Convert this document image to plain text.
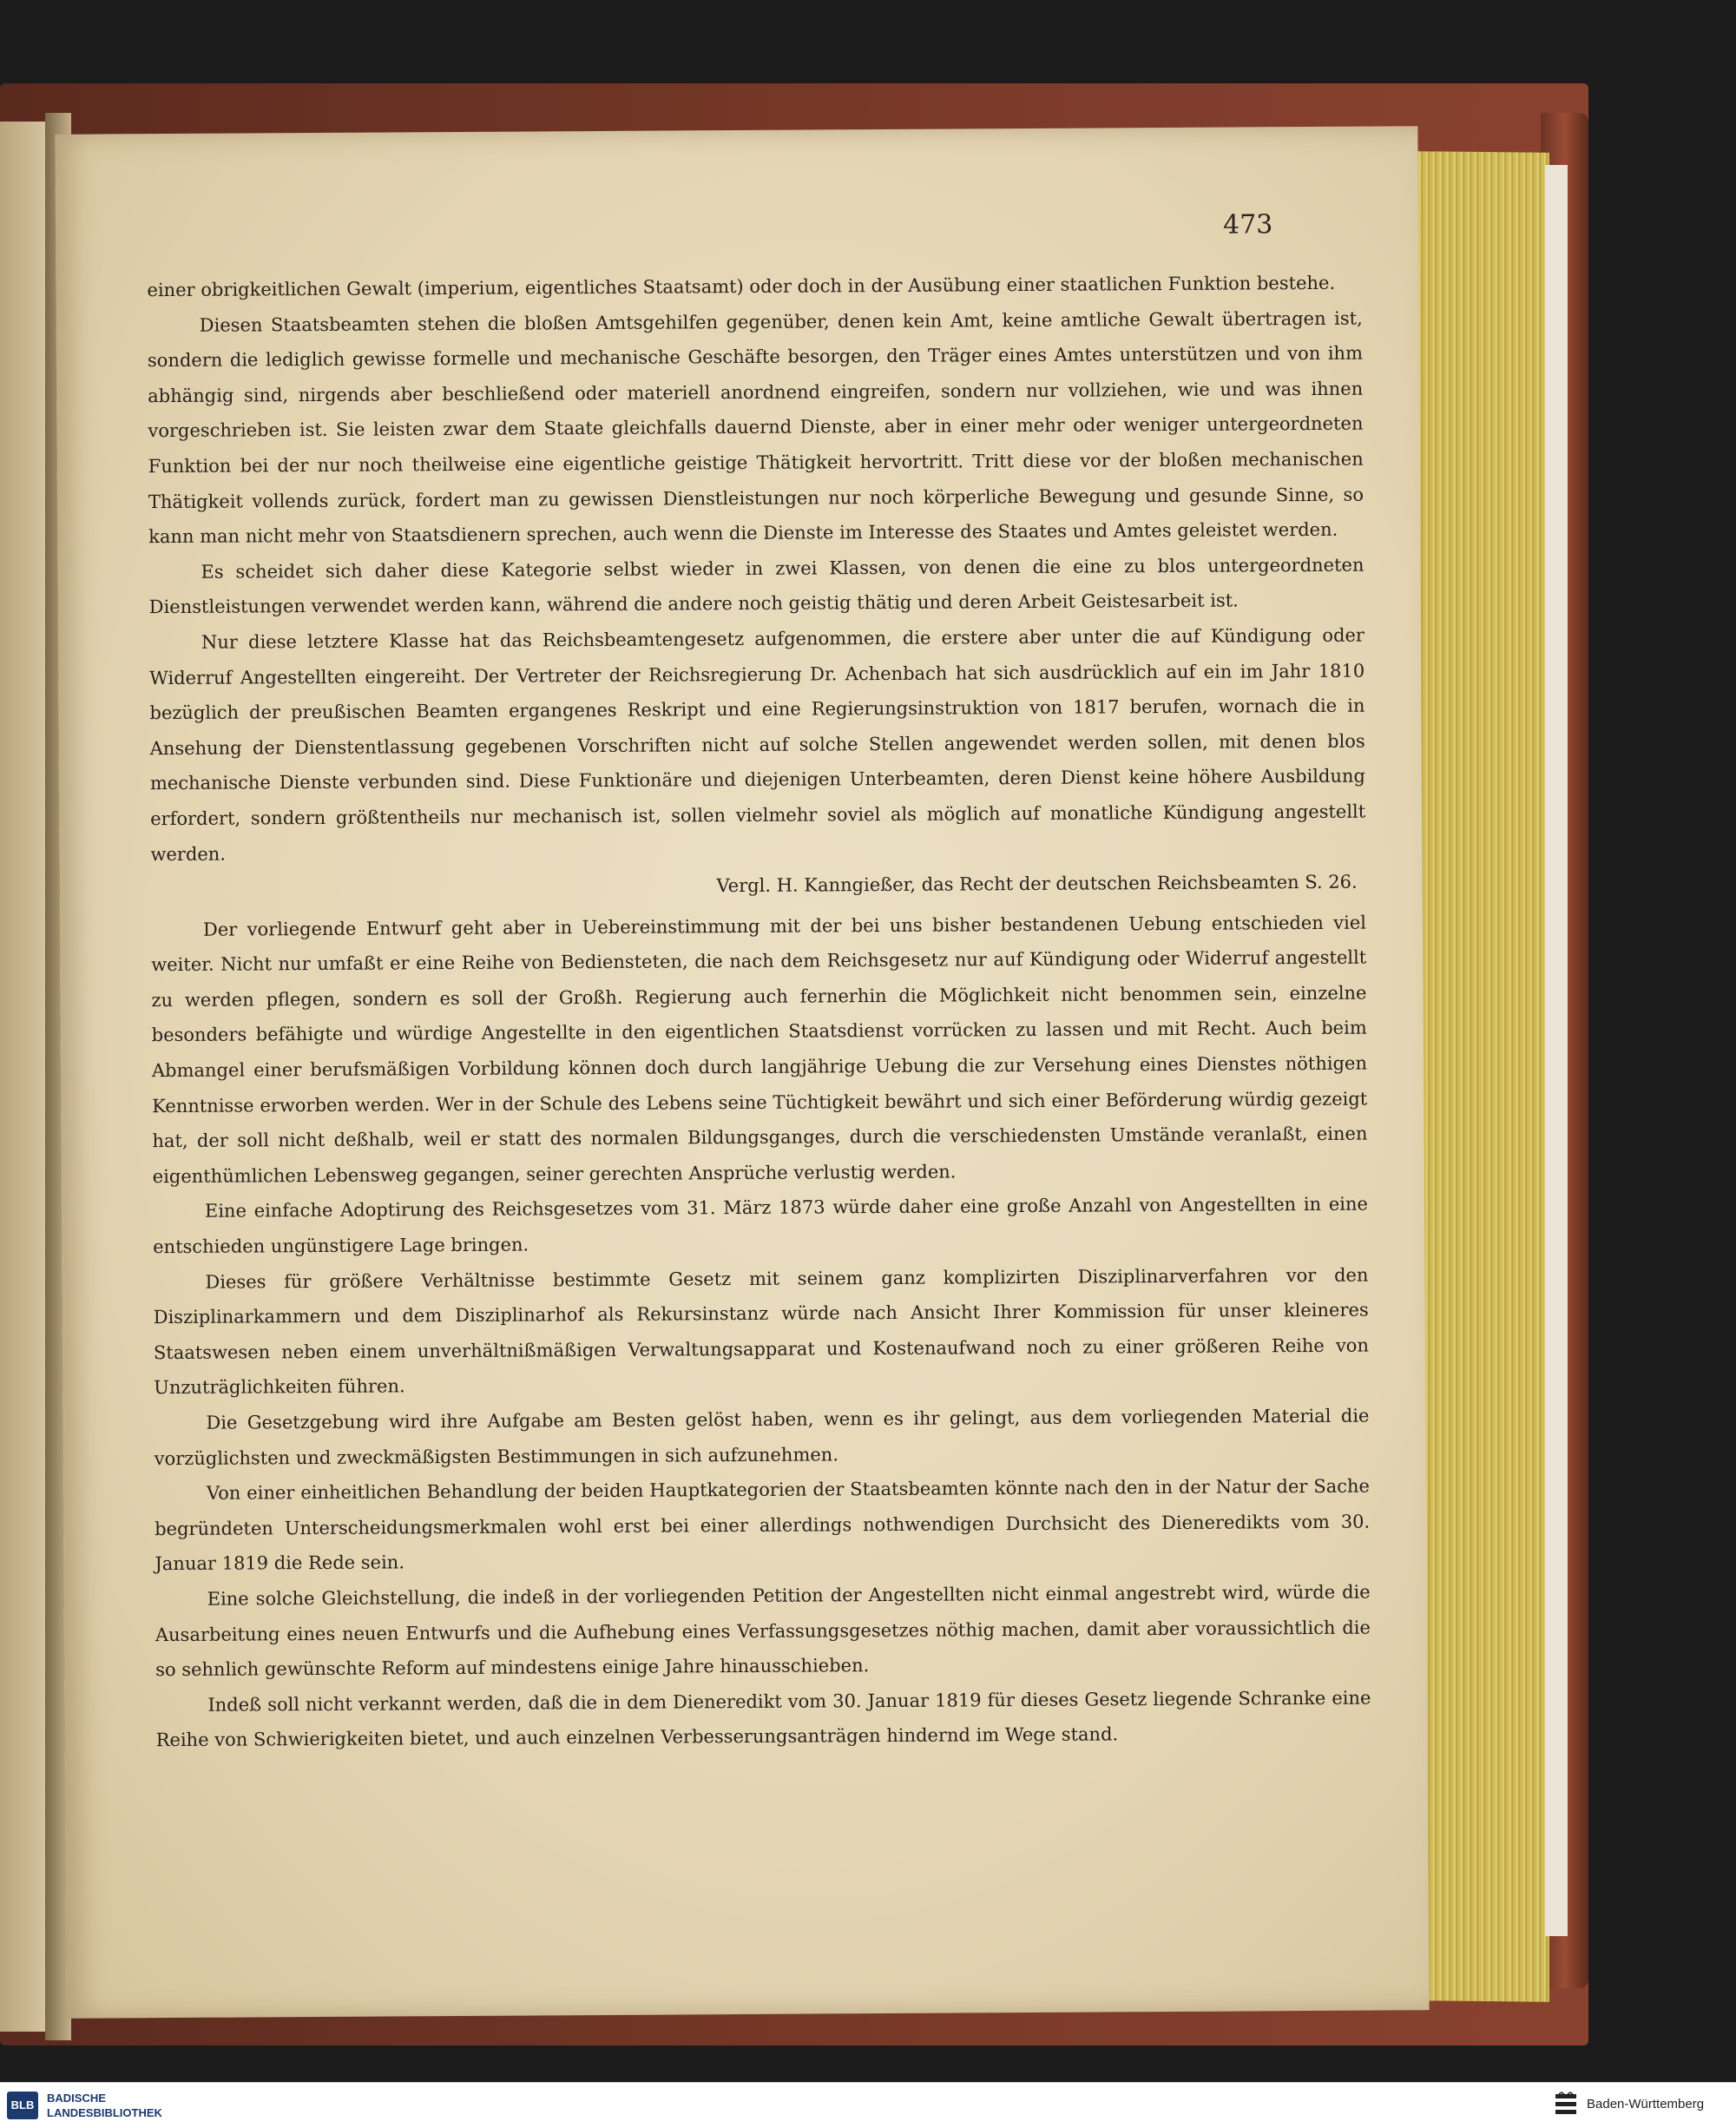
473

einer obrigkeitlichen Gewalt (imperium, eigentliches Staatsamt) oder doch in der Ausübung einer staatlichen Funktion bestehe.

Diesen Staatsbeamten stehen die bloßen Amtsgehilfen gegenüber, denen kein Amt, keine amtliche Gewalt übertragen ist, sondern die lediglich gewisse formelle und mechanische Geschäfte besorgen, den Träger eines Amtes unterstützen und von ihm abhängig sind, nirgends aber beschließend oder materiell anordnend eingreifen, sondern nur vollziehen, wie und was ihnen vorgeschrieben ist. Sie leisten zwar dem Staate gleichfalls dauernd Dienste, aber in einer mehr oder weniger untergeordneten Funktion bei der nur noch theilweise eine eigentliche geistige Thätigkeit hervortritt. Tritt diese vor der bloßen mechanischen Thätigkeit vollends zurück, fordert man zu gewissen Dienstleistungen nur noch körperliche Bewegung und gesunde Sinne, so kann man nicht mehr von Staatsdienern sprechen, auch wenn die Dienste im Interesse des Staates und Amtes geleistet werden.

Es scheidet sich daher diese Kategorie selbst wieder in zwei Klassen, von denen die eine zu blos untergeordneten Dienstleistungen verwendet werden kann, während die andere noch geistig thätig und deren Arbeit Geistesarbeit ist.

Nur diese letztere Klasse hat das Reichsbeamtengesetz aufgenommen, die erstere aber unter die auf Kündigung oder Widerruf Angestellten eingereiht. Der Vertreter der Reichsregierung Dr. Achenbach hat sich ausdrücklich auf ein im Jahr 1810 bezüglich der preußischen Beamten ergangenes Reskript und eine Regierungsinstruktion von 1817 berufen, wornach die in Ansehung der Dienstentlassung gegebenen Vorschriften nicht auf solche Stellen angewendet werden sollen, mit denen blos mechanische Dienste verbunden sind. Diese Funktionäre und diejenigen Unterbeamten, deren Dienst keine höhere Ausbildung erfordert, sondern größtentheils nur mechanisch ist, sollen vielmehr soviel als möglich auf monatliche Kündigung angestellt werden.

Vergl. H. Kanngießer, das Recht der deutschen Reichsbeamten S. 26.

Der vorliegende Entwurf geht aber in Uebereinstimmung mit der bei uns bisher bestandenen Uebung entschieden viel weiter. Nicht nur umfaßt er eine Reihe von Bediensteten, die nach dem Reichsgesetz nur auf Kündigung oder Widerruf angestellt zu werden pflegen, sondern es soll der Großh. Regierung auch fernerhin die Möglichkeit nicht benommen sein, einzelne besonders befähigte und würdige Angestellte in den eigentlichen Staatsdienst vorrücken zu lassen und mit Recht. Auch beim Abmangel einer berufsmäßigen Vorbildung können doch durch langjährige Uebung die zur Versehung eines Dienstes nöthigen Kenntnisse erworben werden. Wer in der Schule des Lebens seine Tüchtigkeit bewährt und sich einer Beförderung würdig gezeigt hat, der soll nicht deßhalb, weil er statt des normalen Bildungsganges, durch die verschiedensten Umstände veranlaßt, einen eigenthümlichen Lebensweg gegangen, seiner gerechten Ansprüche verlustig werden.

Eine einfache Adoptirung des Reichsgesetzes vom 31. März 1873 würde daher eine große Anzahl von Angestellten in eine entschieden ungünstigere Lage bringen.

Dieses für größere Verhältnisse bestimmte Gesetz mit seinem ganz komplizirten Disziplinarverfahren vor den Disziplinarkammern und dem Disziplinarhof als Rekursinstanz würde nach Ansicht Ihrer Kommission für unser kleineres Staatswesen neben einem unverhältnißmäßigen Verwaltungsapparat und Kostenaufwand noch zu einer größeren Reihe von Unzuträglichkeiten führen.

Die Gesetzgebung wird ihre Aufgabe am Besten gelöst haben, wenn es ihr gelingt, aus dem vorliegenden Material die vorzüglichsten und zweckmäßigsten Bestimmungen in sich aufzunehmen.

Von einer einheitlichen Behandlung der beiden Hauptkategorien der Staatsbeamten könnte nach den in der Natur der Sache begründeten Unterscheidungsmerkmalen wohl erst bei einer allerdings nothwendigen Durchsicht des Dieneredikts vom 30. Januar 1819 die Rede sein.

Eine solche Gleichstellung, die indeß in der vorliegenden Petition der Angestellten nicht einmal angestrebt wird, würde die Ausarbeitung eines neuen Entwurfs und die Aufhebung eines Verfassungsgesetzes nöthig machen, damit aber voraussichtlich die so sehnlich gewünschte Reform auf mindestens einige Jahre hinausschieben.

Indeß soll nicht verkannt werden, daß die in dem Dieneredikt vom 30. Januar 1819 für dieses Gesetz liegende Schranke eine Reihe von Schwierigkeiten bietet, und auch einzelnen Verbesserungsanträgen hindernd im Wege stand.

BLB
BADISCHE
LANDESBIBLIOTHEK
Baden-Württemberg
